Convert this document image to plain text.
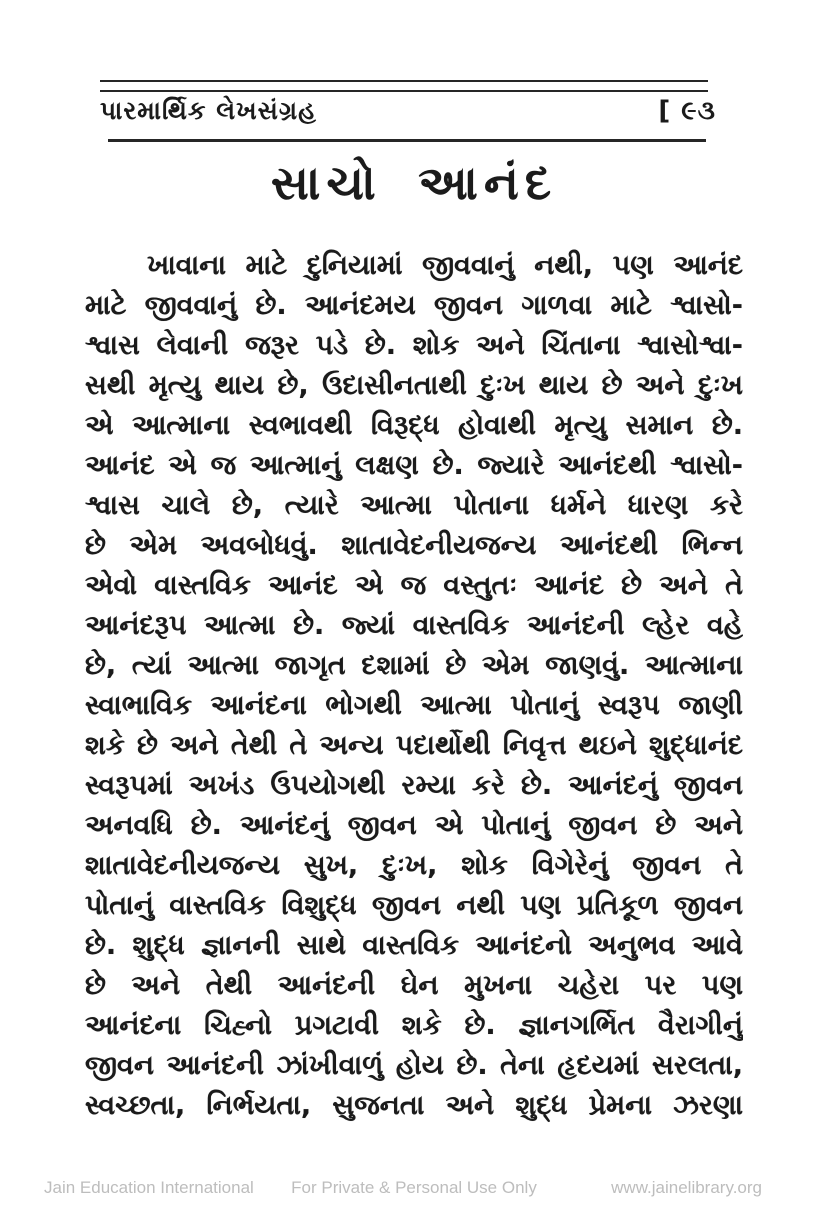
પારમાર્થિક લેખસંગ્રહ	[ ૯૩
સાચો આનંદ
ખાવાના માટે દુનિયામાં જીવવાનું નથી, પણ આનંદ
માટે જીવવાનું છે. આનંદમય જીવન ગાળવા માટે શ્વાસો-
શ્વાસ લેવાની જરૂર પડે છે. શોક અને ચિંતાના શ્વાસોશ્વા-
સથી મૃત્યુ થાય છે, ઉદાસીનતાથી દુઃખ થાય છે અને દુઃખ
એ આત્માના સ્વભાવથી વિરૂદ્ધ હોવાથી મૃત્યુ સમાન છે.
આનંદ એ જ આત્માનું લક્ષણ છે. જ્યારે આનંદથી શ્વાસો-
શ્વાસ ચાલે છે, ત્યારે આત્મા પોતાના ધર્મને ધારણ કરે
છે એમ અવબોધવું. શાતાવેદનીયજન્ય આનંદથી ભિન્ન
એવો વાસ્તવિક આનંદ એ જ વસ્તુતઃ આનંદ છે અને તે
આનંદરૂપ આત્મા છે. જ્યાં વાસ્તવિક આનંદની લ્હેર વહે
છે, ત્યાં આત્મા જાગૃત દશામાં છે એમ જાણવું. આત્માના
સ્વાભાવિક આનંદના ભોગથી આત્મા પોતાનું સ્વરૂપ જાણી
શકે છે અને તેથી તે અન્ય પદાર્થોથી નિવૃત્ત થઇને શુદ્ધાનંદ
સ્વરૂપમાં અખંડ ઉપયોગથી રમ્યા કરે છે. આનંદનું જીવન
અનવધિ છે. આનંદનું જીવન એ પોતાનું જીવન છે અને
શાતાવેદનીયજન્ય સુખ, દુઃખ, શોક વિગેરેનું જીવન તે
પોતાનું વાસ્તવિક વિશુદ્ધ જીવન નથી પણ પ્રતિકૂળ જીવન
છે. શુદ્ધ જ્ઞાનની સાથે વાસ્તવિક આનંદનો અનુભવ આવે
છે અને તેથી આનંદની ઘેન મુખના ચહેરા પર પણ
આનંદના ચિહ્નો પ્રગટાવી શકે છે. જ્ઞાનગર્ભિત વૈરાગીનું
જીવન આનંદની ઝાંખીવાળું હોય છે. તેના હૃદયમાં સરલતા,
સ્વચ્છતા, નિર્ભયતા, સુજનતા અને શુદ્ધ પ્રેમના ઝરણા
Jain Education International	For Private & Personal Use Only	www.jainelibrary.org
